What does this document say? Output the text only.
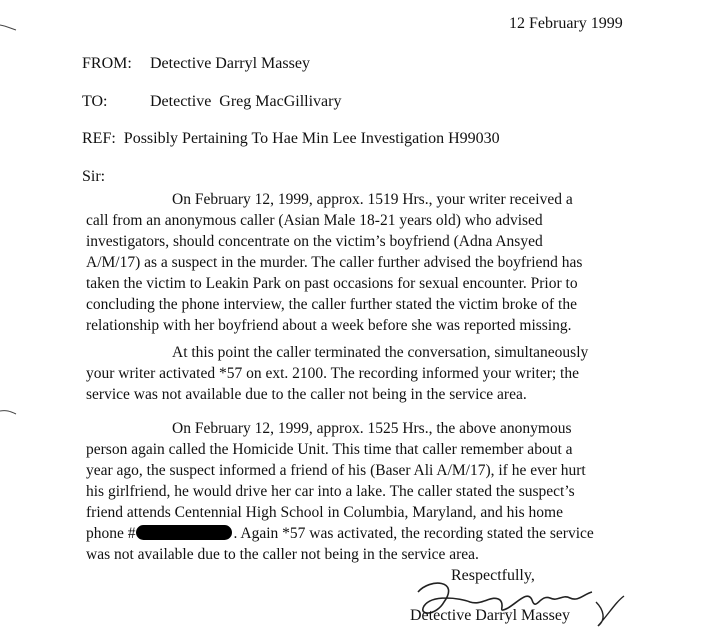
12 February 1999
FROM: Detective Darryl Massey
TO:	Detective  Greg MacGillivary
REF: Possibly Pertaining To Hae Min Lee Investigation H99030
Sir:
On February 12, 1999, approx. 1519 Hrs., your writer received a
call from an anonymous caller (Asian Male 18-21 years old) who advised
investigators, should concentrate on the victim’s boyfriend (Adna Ansyed
A/M/17) as a suspect in the murder. The caller further advised the boyfriend has
taken the victim to Leakin Park on past occasions for sexual encounter. Prior to
concluding the phone interview, the caller further stated the victim broke of the
relationship with her boyfriend about a week before she was reported missing.
At this point the caller terminated the conversation, simultaneously
your writer activated *57 on ext. 2100. The recording informed your writer; the
service was not available due to the caller not being in the service area.
On February 12, 1999, approx. 1525 Hrs., the above anonymous
person again called the Homicide Unit. This time that caller remember about a
year ago, the suspect informed a friend of his (Baser Ali A/M/17), if he ever hurt
his girlfriend, he would drive her car into a lake. The caller stated the suspect’s
friend attends Centennial High School in Columbia, Maryland, and his home
phone #	. Again *57 was activated, the recording stated the service
was not available due to the caller not being in the service area.
Respectfully,
Detective Darryl Massey
